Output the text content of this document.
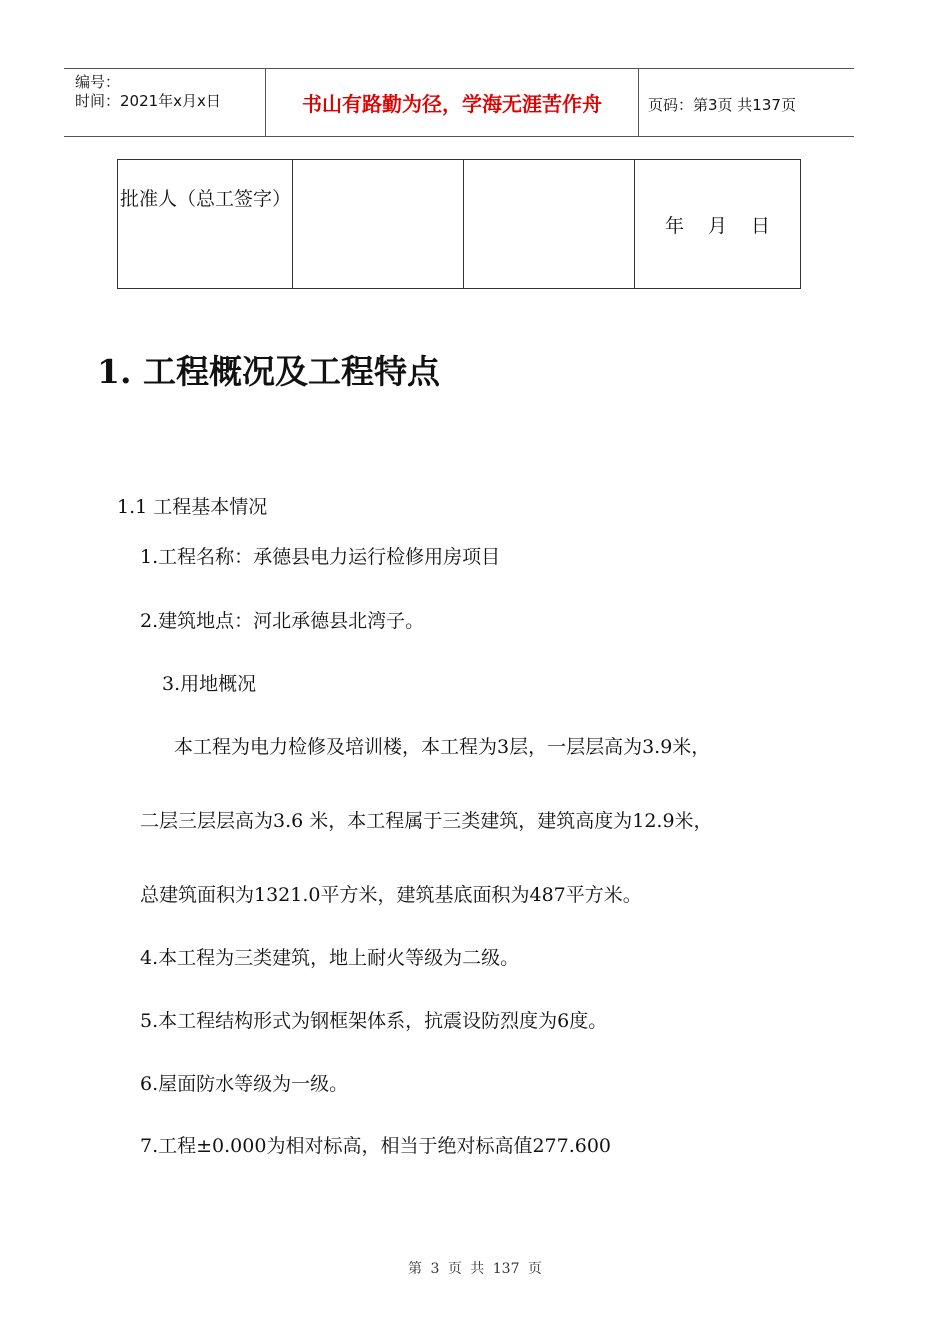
编号：
时间：2021年x月x日	书山有路勤为径，学海无涯苦作舟	页码：第3页 共137页
批准人（总工签字）			年 月 日
1. 工程概况及工程特点
1.1 工程基本情况
1.工程名称：承德县电力运行检修用房项目
2.建筑地点：河北承德县北湾子。
3.用地概况
本工程为电力检修及培训楼，本工程为3层，一层层高为3.9米，
二层三层层高为3.6 米，本工程属于三类建筑，建筑高度为12.9米，
总建筑面积为1321.0平方米，建筑基底面积为487平方米。
4.本工程为三类建筑，地上耐火等级为二级。
5.本工程结构形式为钢框架体系，抗震设防烈度为6度。
6.屋面防水等级为一级。
7.工程±0.000为相对标高，相当于绝对标高值277.600
第 3 页 共 137 页
